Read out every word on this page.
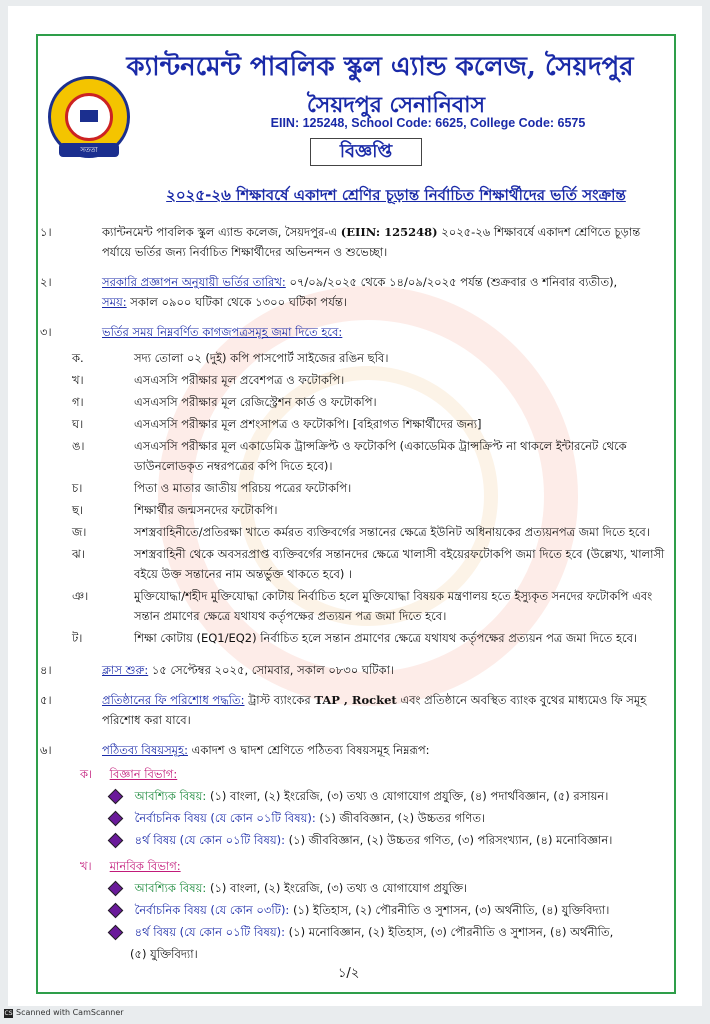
সততা
ক্যান্টনমেন্ট পাবলিক স্কুল এ্যান্ড কলেজ, সৈয়দপুর
সৈয়দপুর সেনানিবাস
EIIN: 125248, School Code: 6625, College Code: 6575
বিজ্ঞপ্তি
২০২৫-২৬ শিক্ষাবর্ষে একাদশ শ্রেণির চূড়ান্ত নির্বাচিত শিক্ষার্থীদের ভর্তি সংক্রান্ত
১।	ক্যান্টনমেন্ট পাবলিক স্কুল এ্যান্ড কলেজ, সৈয়দপুর-এ (EIIN: 125248) ২০২৫-২৬ শিক্ষাবর্ষে একাদশ শ্রেণিতে চূড়ান্ত পর্যায়ে ভর্তির জন্য নির্বাচিত শিক্ষার্থীদের অভিনন্দন ও শুভেচ্ছা।
২।	সরকারি প্রজ্ঞাপন অনুযায়ী ভর্তির তারিখ: ০৭/০৯/২০২৫ থেকে ১৪/০৯/২০২৫ পর্যন্ত (শুক্রবার ও শনিবার ব্যতীত),
সময়: সকাল ০৯০০ ঘটিকা থেকে ১৩০০ ঘটিকা পর্যন্ত।
৩।	ভর্তির সময় নিম্নবর্ণিত কাগজপত্রসমূহ জমা দিতে হবে:
ক.	সদ্য তোলা ০২ (দুই) কপি পাসপোর্ট সাইজের রঙিন ছবি।
খ।	এসএসসি পরীক্ষার মূল প্রবেশপত্র ও ফটোকপি।
গ।	এসএসসি পরীক্ষার মূল রেজিস্ট্রেশন কার্ড ও ফটোকপি।
ঘ।	এসএসসি পরীক্ষার মূল প্রশংসাপত্র ও ফটোকপি। [বহিরাগত শিক্ষার্থীদের জন্য]
ঙ।	এসএসসি পরীক্ষার মূল একাডেমিক ট্রান্সক্রিপ্ট ও ফটোকপি (একাডেমিক ট্রান্সক্রিপ্ট না থাকলে ইন্টারনেট থেকে ডাউনলোডকৃত নম্বরপত্রের কপি দিতে হবে)।
চ।	পিতা ও মাতার জাতীয় পরিচয় পত্রের ফটোকপি।
ছ।	শিক্ষার্থীর জন্মসনদের ফটোকপি।
জ।	সশস্ত্রবাহিনীতে/প্রতিরক্ষা খাতে কর্মরত ব্যক্তিবর্গের সন্তানের ক্ষেত্রে ইউনিট অধিনায়কের প্রত্যয়নপত্র জমা দিতে হবে।
ঝ।	সশস্ত্রবাহিনী থেকে অবসরপ্রাপ্ত ব্যক্তিবর্গের সন্তানদের ক্ষেত্রে খালাসী বইয়েরফটোকপি জমা দিতে হবে (উল্লেখ্য, খালাসী বইয়ে উক্ত সন্তানের নাম অন্তর্ভুক্ত থাকতে হবে) ।
ঞ।	মুক্তিযোদ্ধা/শহীদ মুক্তিযোদ্ধা কোটায় নির্বাচিত হলে মুক্তিযোদ্ধা বিষয়ক মন্ত্রণালয় হতে ইস্যুকৃত সনদের ফটোকপি এবং সন্তান প্রমাণের ক্ষেত্রে যথাযথ কর্তৃপক্ষের প্রত্যয়ন পত্র জমা দিতে হবে।
ট।	শিক্ষা কোটায় (EQ1/EQ2) নির্বাচিত হলে সন্তান প্রমাণের ক্ষেত্রে যথাযথ কর্তৃপক্ষের প্রত্যয়ন পত্র জমা দিতে হবে।
৪।	ক্লাস শুরু: ১৫ সেপ্টেম্বর ২০২৫, সোমবার, সকাল ০৮৩০ ঘটিকা।
৫।	প্রতিষ্ঠানের ফি পরিশোধ পদ্ধতি: ট্রাস্ট ব্যাংকের TAP , Rocket এবং প্রতিষ্ঠানে অবস্থিত ব্যাংক বুথের মাধ্যমেও ফি সমূহ পরিশোধ করা যাবে।
৬।	পঠিতব্য বিষয়সমূহ: একাদশ ও দ্বাদশ শ্রেণিতে পঠিতব্য বিষয়সমূহ নিম্নরূপ:
ক। বিজ্ঞান বিভাগ:
আবশ্যিক বিষয়: (১) বাংলা, (২) ইংরেজি, (৩) তথ্য ও যোগাযোগ প্রযুক্তি, (৪) পদার্থবিজ্ঞান, (৫) রসায়ন।
নৈর্বাচনিক বিষয় (যে কোন ০১টি বিষয়): (১) জীববিজ্ঞান, (২) উচ্চতর গণিত।
৪র্থ বিষয় (যে কোন ০১টি বিষয়): (১) জীববিজ্ঞান, (২) উচ্চতর গণিত, (৩) পরিসংখ্যান, (৪) মনোবিজ্ঞান।
খ। মানবিক বিভাগ:
আবশ্যিক বিষয়: (১) বাংলা, (২) ইংরেজি, (৩) তথ্য ও যোগাযোগ প্রযুক্তি।
নৈর্বাচনিক বিষয় (যে কোন ০৩টি): (১) ইতিহাস, (২) পৌরনীতি ও সুশাসন, (৩) অর্থনীতি, (৪) যুক্তিবিদ্যা।
৪র্থ বিষয় (যে কোন ০১টি বিষয়): (১) মনোবিজ্ঞান, (২) ইতিহাস, (৩) পৌরনীতি ও সুশাসন, (৪) অর্থনীতি,
(৫) যুক্তিবিদ্যা।
১/২
CS Scanned with CamScanner
